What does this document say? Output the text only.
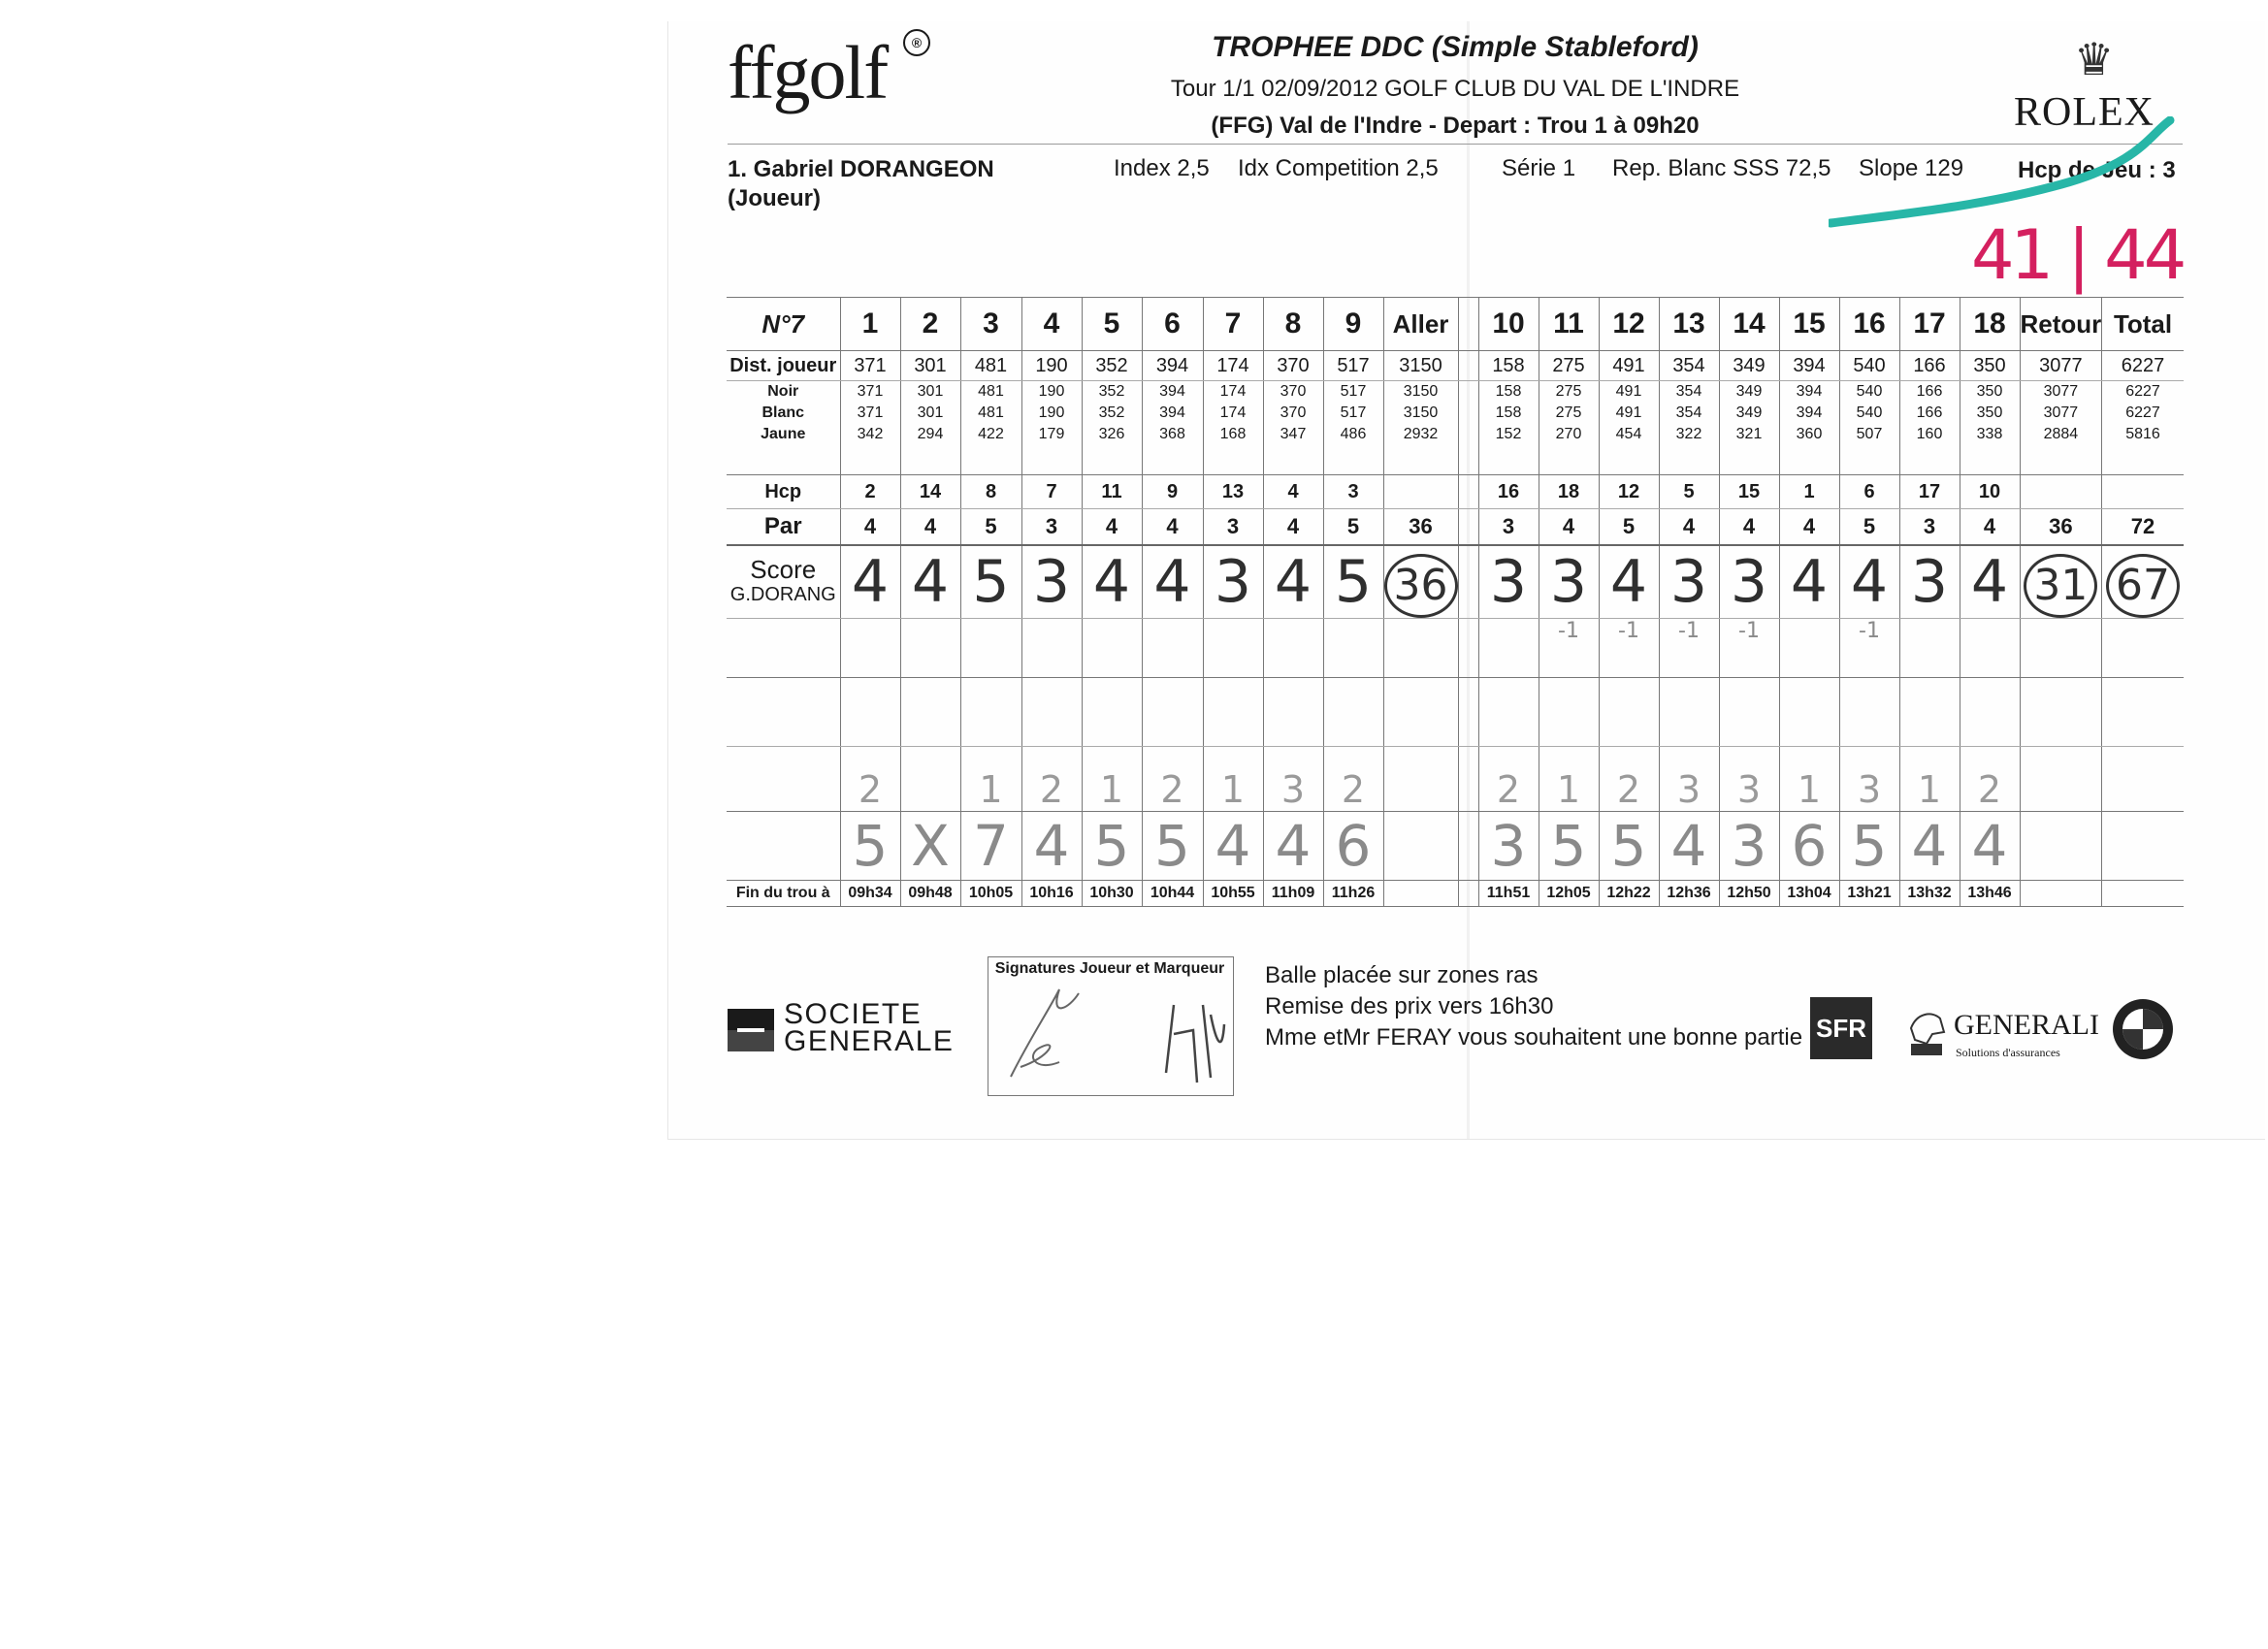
ffgolf	®	TROPHEE DDC (Simple Stableford)
Tour 1/1 02/09/2012 GOLF CLUB DU VAL DE L'INDRE
(FFG) Val de l'Indre - Depart : Trou 1 à 09h20
♛
ROLEX
1. Gabriel DORANGEON
(Joueur)
Index 2,5 Idx Competition 2,5	Série 1 Rep. Blanc SSS 72,5 Slope 129 Hcp de Jeu : 3
41 | 44
N°7	1	2	3	4	5	6	7	8	9	Aller		10	11	12	13	14	15	16	17	18	Retour	Total
Dist. joueur	371	301	481	190	352	394	174	370	517	3150		158	275	491	354	349	394	540	166	350	3077	6227
Noir	371	301	481	190	352	394	174	370	517	3150		158	275	491	354	349	394	540	166	350	3077	6227
Blanc	371	301	481	190	352	394	174	370	517	3150		158	275	491	354	349	394	540	166	350	3077	6227
Jaune	342	294	422	179	326	368	168	347	486	2932		152	270	454	322	321	360	507	160	338	2884	5816

Hcp	2	14	8	7	11	9	13	4	3			16	18	12	5	15	1	6	17	10		
Par	4	4	5	3	4	4	3	4	5	36		3	4	5	4	4	4	5	3	4	36	72
Score
G.DORANG	4	4	5	3	4	4	3	4	5	36		3	3	4	3	3	4	4	3	4	31	67
													-1	-1	-1	-1		-1				

	2		1	2	1	2	1	3	2			2	1	2	3	3	1	3	1	2		
	5	X	7	4	5	5	4	4	6			3	5	5	4	3	6	5	4	4		
Fin du trou à	09h34	09h48	10h05	10h16	10h30	10h44	10h55	11h09	11h26			11h51	12h05	12h22	12h36	12h50	13h04	13h21	13h32	13h46		
Signatures Joueur et Marqueur	Balle placée sur zones ras
Remise des prix vers 16h30
Mme etMr FERAY vous souhaitent une bonne partie
SOCIETE
GENERALE	SFR	GENERALI
Solutions d'assurances
